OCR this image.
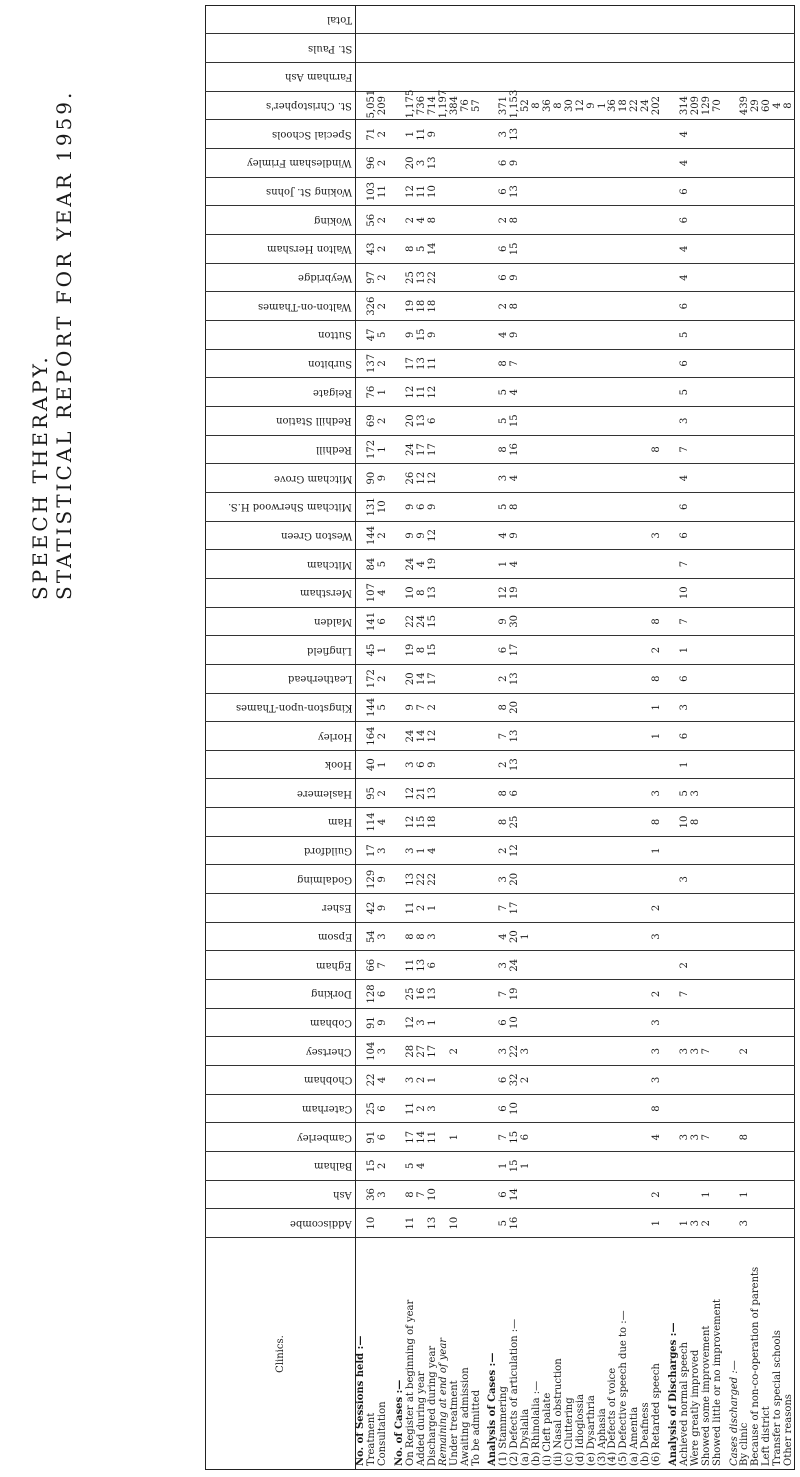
SPEECH THERAPY. STATISTICAL REPORT FOR YEAR 1959.
Clinics.	Addiscombe	Ash	Balham	Camberley	Caterham	Chobham	Chertsey	Cobham	Dorking	Egham	Epsom	Esher	Godalming	Guildford	Ham	Haslemere	Hook	Horley	Kingston-upon-Thames	Leatherhead	Lingfield	Malden	Merstham	Mitcham	Weston Green	Mitcham Sherwood H.S.	Mitcham Grove	Redhill	Redhill Station	Reigate	Surbiton	Sutton	Walton-on-Thames	Weybridge	Walton Hersham	Woking	Woking St. Johns	Windlesham Frimley	Special Schools	St. Christopher's	Farnham Ash	St. Pauls	Total
No. of Sessions held :—																																											
Treatment	10	36	15	91	25	22	104	91	128	66	54	42	129	17	114	95	40	164	144	172	45	141	107	84	144	131	90	172	69	76	137	47	326	97	43	56	103	96	71	5,051			
Consultation		3	2	6	6	4	3	9	6	7	3	9	9	3	4	2	1	2	5	2	1	6	4	5	2	10	9	1	2	1	2	5	2	2	2	2	11	2	2	209			

No. of Cases :—																																											
On Register at beginning of year	11	8	5	17	11	3	28	12	25	11	8	11	13	3	12	12	3	24	9	20	19	22	10	24	9	9	26	24	20	12	17	9	19	25	8	2	12	20	1	1,175			
Added during year		7	4	14	2	2	27	3	16	13	8	2	22	1	15	21	6	14	7	14	8	24	8	4	9	6	12	17	13	11	13	15	18	13	5	4	11	3	11	736			
Discharged during year	13	10		11	3	1	17	1	13	6	3	1	22	4	18	13	9	12	2	17	15	15	13	19	12	9	12	17	6	12	11	9	18	22	14	8	10	13	9	714			
Remaining at end of year																																								1,197			
Under treatment	10			1			2																																	384			
Awaiting admission																																								76			
To be admitted																																								57			

Analysis of Cases :—																																											
(1) Stammering	5	6	1	7	6	6	3	6	7	3	4	7	3	2	8	8	2	7	8	2	6	9	12	1	4	5	3	8	5	5	8	4	2	6	6	2	6	6	3	371			
(2) Defects of articulation :—	16	14	15	15	10	32	22	10	19	24	20	17	20	12	25	6	13	13	20	13	17	30	19	4	9	8	4	16	15	4	7	9	8	9	15	8	13	9	13	1,153			
(a) Dyslalia			1	6		2	3				1																													52			
(b) Rhinolalia :—																																								8			
(i) Cleft palate																																								36			
(ii) Nasal obstruction																																								8			
(c) Cluttering																																								30			
(d) Idioglossia																																								12			
(e) Dysarthria																																								9			
(3) Aphasia																																								1			
(4) Defects of voice																																								36			
(5) Defective speech due to :—																																								18			
(a) Amentia																																								22			
(b) Deafness																																								24			
(6) Retarded speech	1	2		4	8	3	3	3	2		3	2		1	8	3		1	1	8	2	8			3			8												202			

Analysis of Discharges :—																																											
Achieved normal speech	1			3			3		7	2			3		10	5	1	6	3	6	1	7	10	7	6	6	4	7	3	5	6	5	6	4	4	6	6	4	4	314			
Were greatly improved	3			3			3								8	3																								209			
Showed some improvement	2	1		7			7																																	129			
Showed little or no improvement																																								70			

Cases discharged :—																																											
By clinic	3	1		8			2																																	439			
Because of non-co-operation of parents																																								29			
Left district																																								60			
Transfer to special schools																																								4			
Other reasons																																								8			
